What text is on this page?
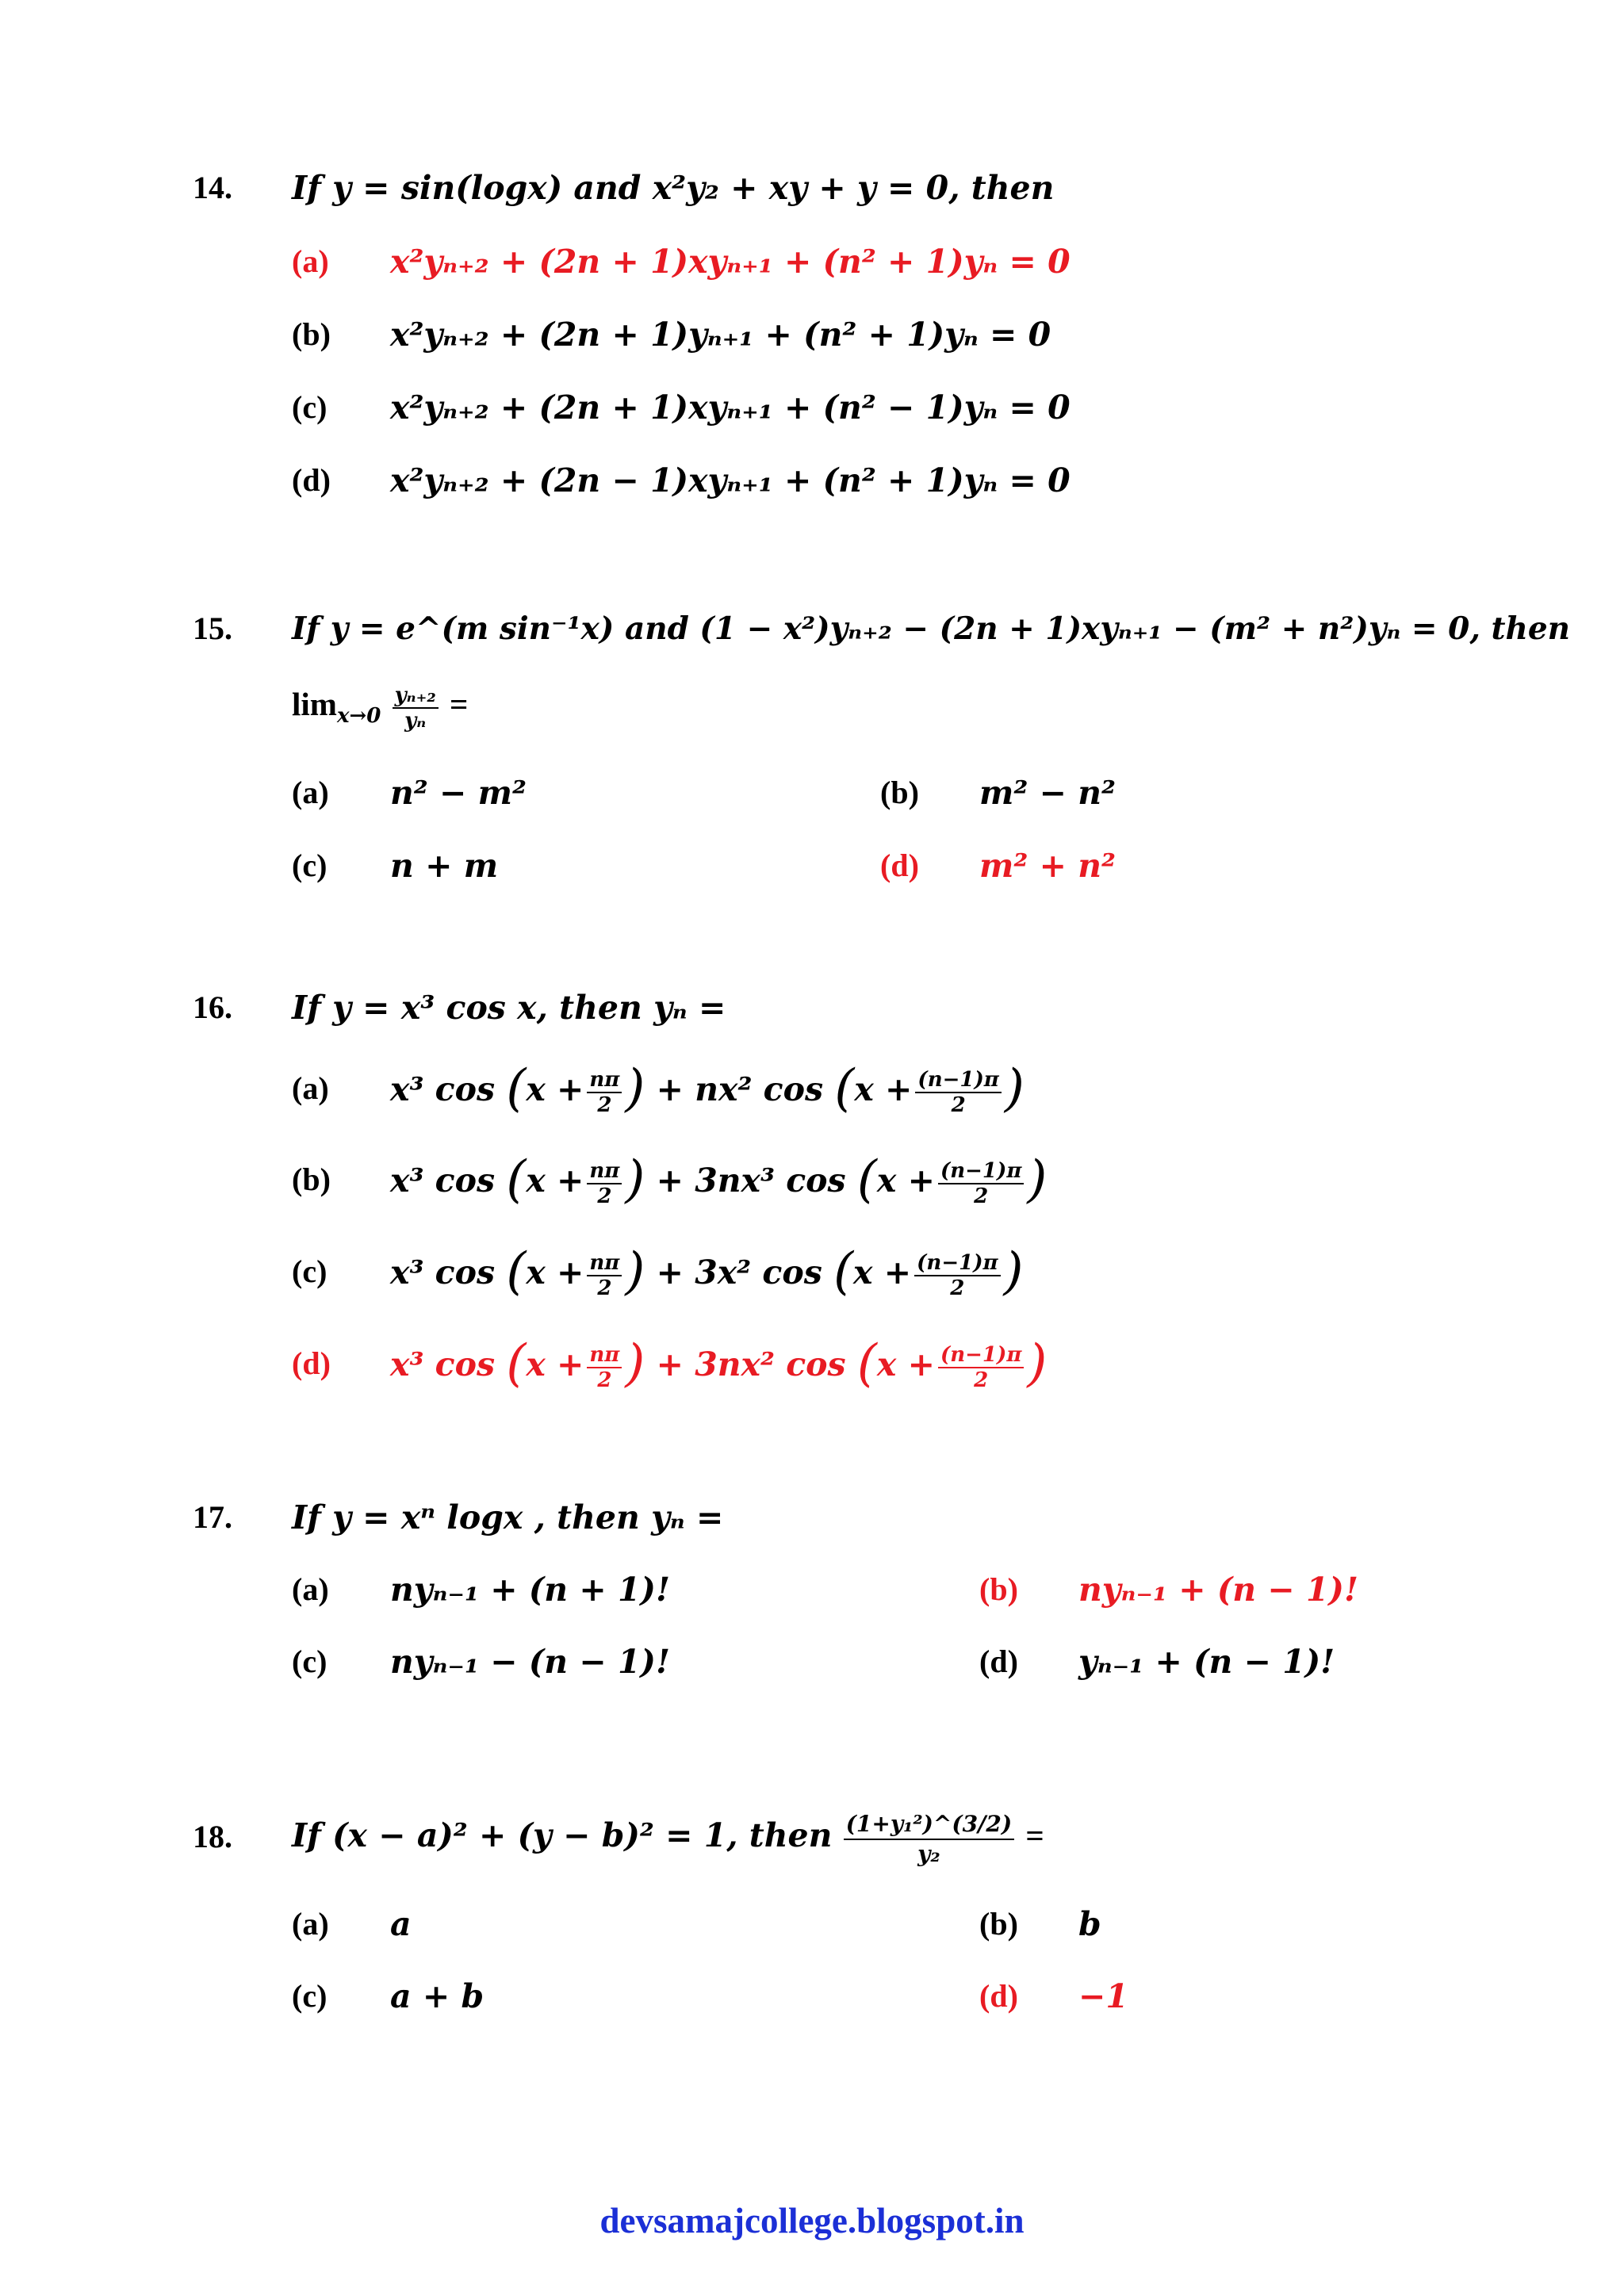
14. If y = sin(logx) and x²y₂ + xy + y = 0, then
(a) x²yₙ₊₂ + (2n + 1)xyₙ₊₁ + (n² + 1)yₙ = 0
(b) x²yₙ₊₂ + (2n + 1)yₙ₊₁ + (n² + 1)yₙ = 0
(c) x²yₙ₊₂ + (2n + 1)xyₙ₊₁ + (n² − 1)yₙ = 0
(d) x²yₙ₊₂ + (2n − 1)xyₙ₊₁ + (n² + 1)yₙ = 0
15. If y = e^(m sin⁻¹x) and (1 − x²)yₙ₊₂ − (2n + 1)xyₙ₊₁ − (m² + n²)yₙ = 0, then
$\lim_{x\to 0} \frac{\text{yₙ₊₂}}{\text{yₙ}}$ =
(a) n² − m²	(b) m² − n²
(c) n + m	(d) m² + n²
16. If y = x³ cos x, then yₙ =
(a) x³ $\cos (x + \frac{n\pi}{2}$ ) + nx² $\cos (x + \frac{(n-1)\pi}{2}$ )
(b) x³ $\cos (x + \frac{n\pi}{2}$ ) + 3nx³ $\cos (x + \frac{(n-1)\pi}{2}$ )
(c) x³ $\cos (x + \frac{n\pi}{2}$ ) + 3x² $\cos (x + \frac{(n-1)\pi}{2}$ )
(d) x³ $\cos (x + \frac{n\pi}{2}$ ) + 3nx² $\cos (x + \frac{(n-1)\pi}{2}$ )
17. If y = xⁿ logx , then yₙ =
(a) nyₙ₋₁ + (n + 1)!	(b) nyₙ₋₁ + (n − 1)!
(c) nyₙ₋₁ − (n − 1)!	(d) yₙ₋₁ + (n − 1)!
18. If (x − a)² + (y − b)² = 1, then $\frac{\text{(1+y₁²)\textasciicircum{}(3/2)}}{\text{y₂}}$ =
(a) a	(b) b
(c) a + b	(d) −1
devsamajcollege.blogspot.in
